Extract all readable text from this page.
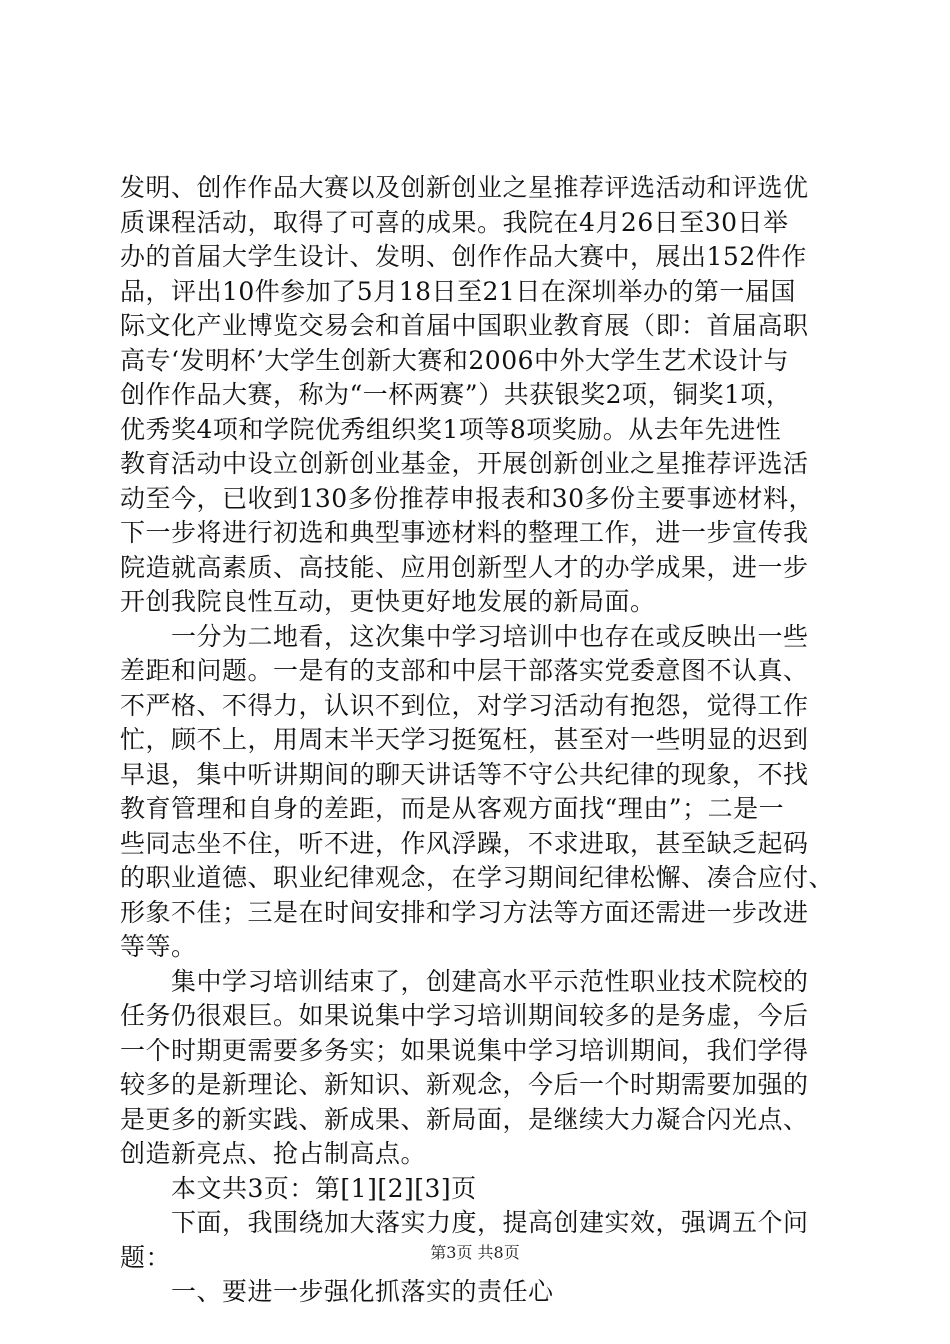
发明、创作作品大赛以及创新创业之星推荐评选活动和评选优
质课程活动，取得了可喜的成果。我院在4月26日至30日举
办的首届大学生设计、发明、创作作品大赛中，展出152件作
品，评出10件参加了5月18日至21日在深圳举办的第一届国
际文化产业博览交易会和首届中国职业教育展（即：首届高职
高专‘发明杯’大学生创新大赛和2006中外大学生艺术设计与
创作作品大赛，称为“一杯两赛”）共获银奖2项，铜奖1项，
优秀奖4项和学院优秀组织奖1项等8项奖励。从去年先进性
教育活动中设立创新创业基金，开展创新创业之星推荐评选活
动至今，已收到130多份推荐申报表和30多份主要事迹材料，
下一步将进行初选和典型事迹材料的整理工作，进一步宣传我
院造就高素质、高技能、应用创新型人才的办学成果，进一步
开创我院良性互动，更快更好地发展的新局面。
　　一分为二地看，这次集中学习培训中也存在或反映出一些
差距和问题。一是有的支部和中层干部落实党委意图不认真、
不严格、不得力，认识不到位，对学习活动有抱怨，觉得工作
忙，顾不上，用周末半天学习挺冤枉，甚至对一些明显的迟到
早退，集中听讲期间的聊天讲话等不守公共纪律的现象，不找
教育管理和自身的差距，而是从客观方面找“理由”；二是一
些同志坐不住，听不进，作风浮躁，不求进取，甚至缺乏起码
的职业道德、职业纪律观念，在学习期间纪律松懈、凑合应付、
形象不佳；三是在时间安排和学习方法等方面还需进一步改进
等等。
　　集中学习培训结束了，创建高水平示范性职业技术院校的
任务仍很艰巨。如果说集中学习培训期间较多的是务虚，今后
一个时期更需要多务实；如果说集中学习培训期间，我们学得
较多的是新理论、新知识、新观念，今后一个时期需要加强的
是更多的新实践、新成果、新局面，是继续大力凝合闪光点、
创造新亮点、抢占制高点。
　　本文共3页：第[1][2][3]页
　　下面，我围绕加大落实力度，提高创建实效，强调五个问
题：
　　一、要进一步强化抓落实的责任心
第3页 共8页
